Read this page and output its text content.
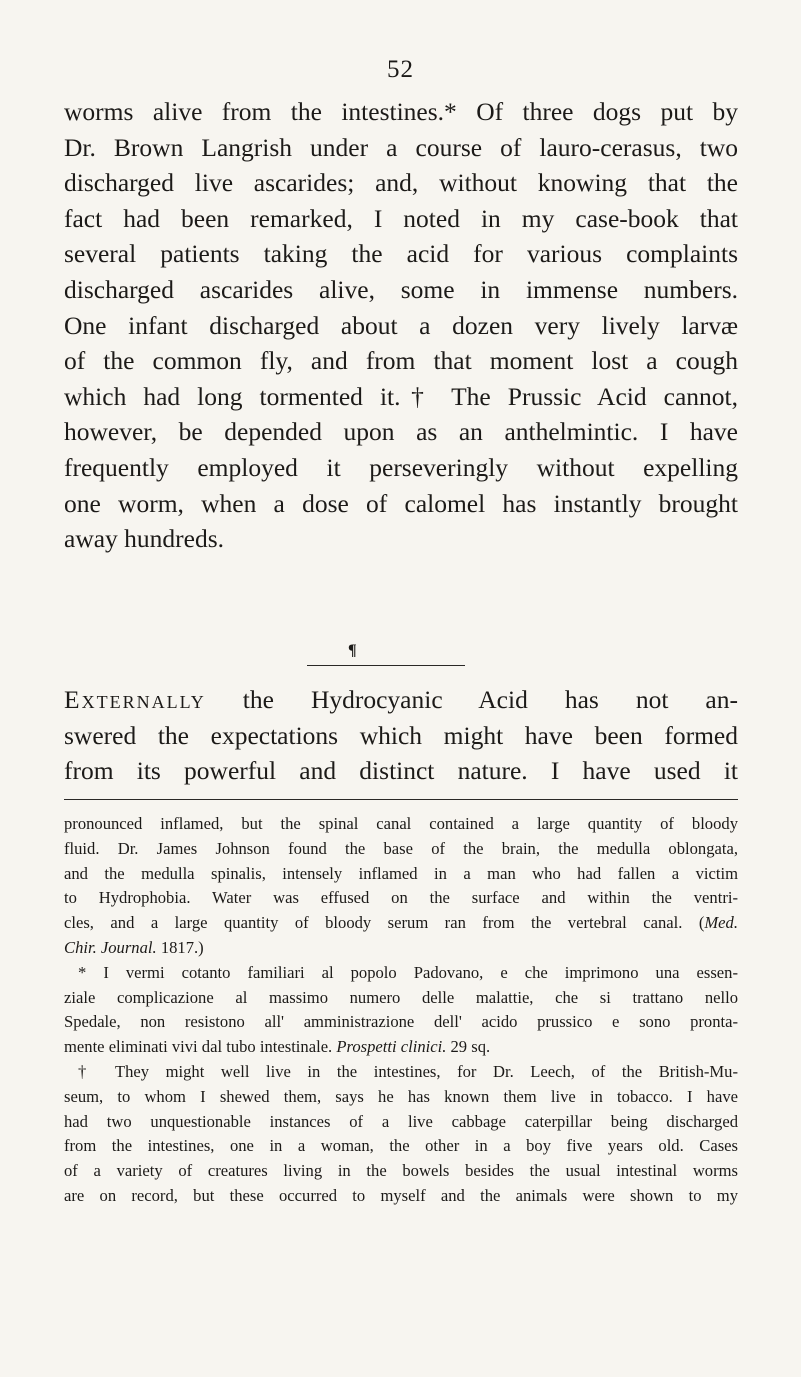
52
worms alive from the intestines.* Of three dogs put by
Dr. Brown Langrish under a course of lauro-cerasus, two
discharged live ascarides; and, without knowing that the
fact had been remarked, I noted in my case-book that
several patients taking the acid for various complaints
discharged ascarides alive, some in immense numbers.
One infant discharged about a dozen very lively larvæ
of the common fly, and from that moment lost a cough
which had long tormented it.† The Prussic Acid cannot,
however, be depended upon as an anthelmintic. I have
frequently employed it perseveringly without expelling
one worm, when a dose of calomel has instantly brought
away hundreds.
¶
Externally the Hydrocyanic Acid has not an-
swered the expectations which might have been formed
from its powerful and distinct nature. I have used it
pronounced inflamed, but the spinal canal contained a large quantity of bloody
fluid. Dr. James Johnson found the base of the brain, the medulla oblongata,
and the medulla spinalis, intensely inflamed in a man who had fallen a victim
to Hydrophobia. Water was effused on the surface and within the ventri-
cles, and a large quantity of bloody serum ran from the vertebral canal. (Med.
Chir. Journal. 1817.)
* I vermi cotanto familiari al popolo Padovano, e che imprimono una essen-
ziale complicazione al massimo numero delle malattie, che si trattano nello
Spedale, non resistono all' amministrazione dell' acido prussico e sono pronta-
mente eliminati vivi dal tubo intestinale. Prospetti clinici. 29 sq.
† They might well live in the intestines, for Dr. Leech, of the British-Mu-
seum, to whom I shewed them, says he has known them live in tobacco. I have
had two unquestionable instances of a live cabbage caterpillar being discharged
from the intestines, one in a woman, the other in a boy five years old. Cases
of a variety of creatures living in the bowels besides the usual intestinal worms
are on record, but these occurred to myself and the animals were shown to my
